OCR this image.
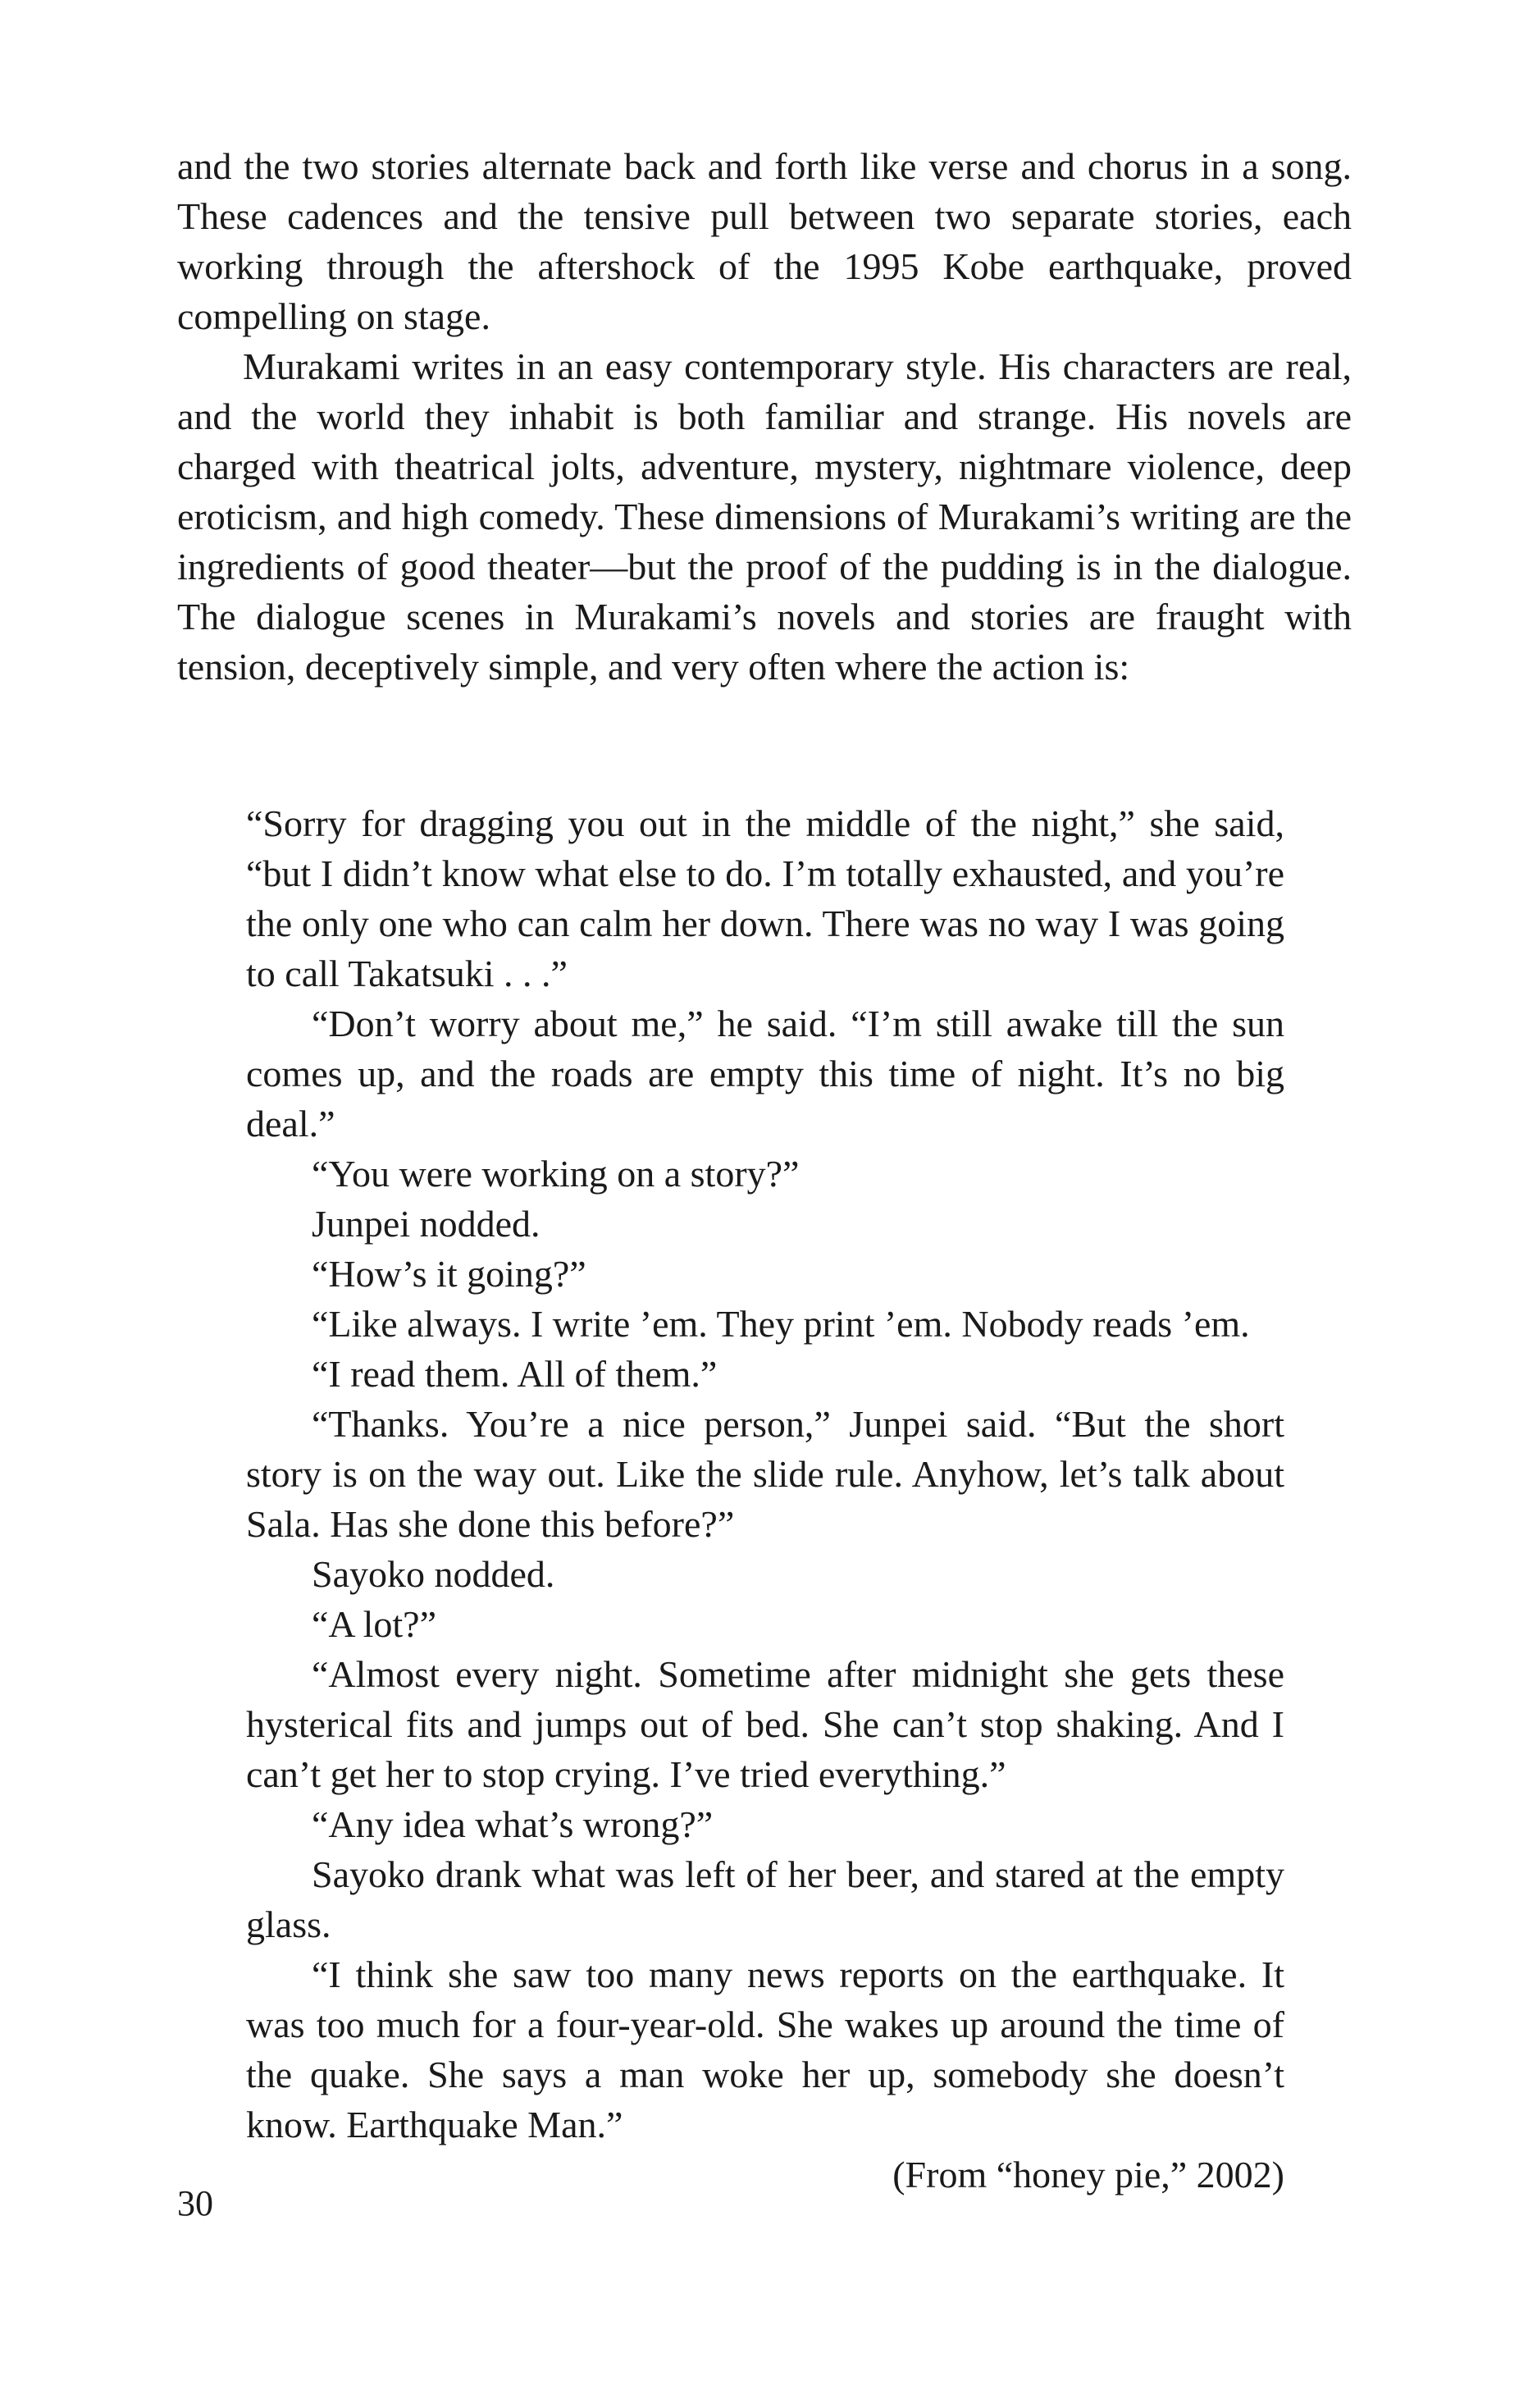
and the two stories alternate back and forth like verse and chorus in a song. These cadences and the tensive pull between two separate stories, each working through the aftershock of the 1995 Kobe earthquake, proved compelling on stage.

Murakami writes in an easy contemporary style. His characters are real, and the world they inhabit is both familiar and strange. His novels are charged with theatrical jolts, adventure, mystery, nightmare violence, deep eroticism, and high comedy. These dimensions of Murakami’s writing are the ingredients of good theater—but the proof of the pudding is in the dialogue. The dialogue scenes in Murakami’s novels and stories are fraught with tension, deceptively simple, and very often where the action is:

“Sorry for dragging you out in the middle of the night,” she said, “but I didn’t know what else to do. I’m totally exhausted, and you’re the only one who can calm her down. There was no way I was going to call Takatsuki . . .”

“Don’t worry about me,” he said. “I’m still awake till the sun comes up, and the roads are empty this time of night. It’s no big deal.”

“You were working on a story?”

Junpei nodded.

“How’s it going?”

“Like always. I write ’em. They print ’em. Nobody reads ’em.

“I read them. All of them.”

“Thanks. You’re a nice person,” Junpei said. “But the short story is on the way out. Like the slide rule. Anyhow, let’s talk about Sala. Has she done this before?”

Sayoko nodded.

“A lot?”

“Almost every night. Sometime after midnight she gets these hysterical fits and jumps out of bed. She can’t stop shaking. And I can’t get her to stop crying. I’ve tried everything.”

“Any idea what’s wrong?”

Sayoko drank what was left of her beer, and stared at the empty glass.

“I think she saw too many news reports on the earthquake. It was too much for a four-year-old. She wakes up around the time of the quake. She says a man woke her up, somebody she doesn’t know. Earthquake Man.”

(From “honey pie,” 2002)

30
